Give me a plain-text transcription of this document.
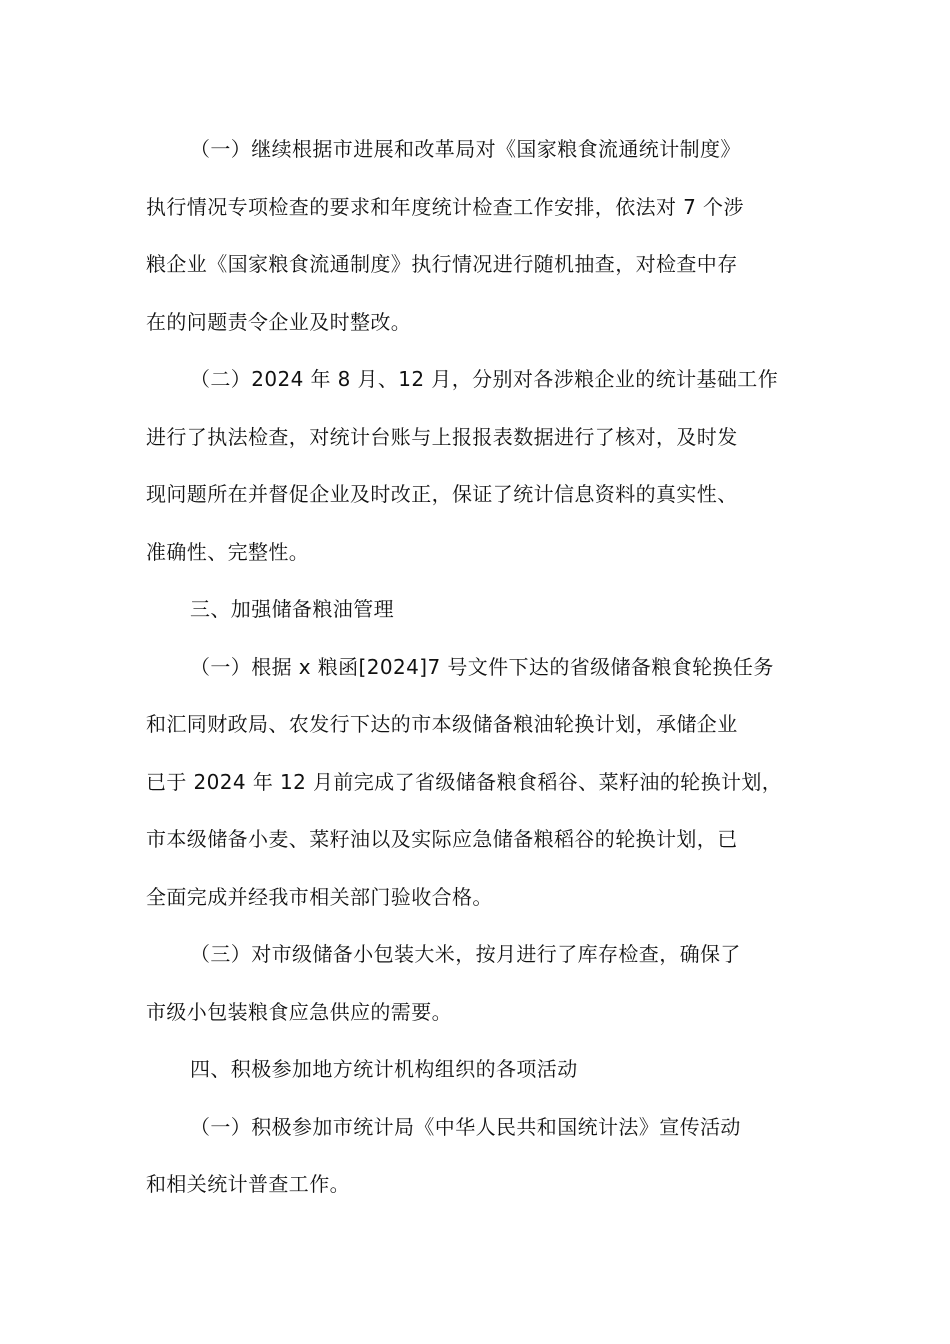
（一）继续根据市进展和改革局对《国家粮食流通统计制度》

执行情况专项检查的要求和年度统计检查工作安排，依法对 7 个涉

粮企业《国家粮食流通制度》执行情况进行随机抽查，对检查中存

在的问题责令企业及时整改。

（二）2024 年 8 月、12 月，分别对各涉粮企业的统计基础工作

进行了执法检查，对统计台账与上报报表数据进行了核对，及时发

现问题所在并督促企业及时改正，保证了统计信息资料的真实性、

准确性、完整性。

三、加强储备粮油管理

（一）根据 x 粮函[2024]7 号文件下达的省级储备粮食轮换任务

和汇同财政局、农发行下达的市本级储备粮油轮换计划，承储企业

已于 2024 年 12 月前完成了省级储备粮食稻谷、菜籽油的轮换计划，

市本级储备小麦、菜籽油以及实际应急储备粮稻谷的轮换计划，已

全面完成并经我市相关部门验收合格。

（三）对市级储备小包装大米，按月进行了库存检查，确保了

市级小包装粮食应急供应的需要。

四、积极参加地方统计机构组织的各项活动

（一）积极参加市统计局《中华人民共和国统计法》宣传活动

和相关统计普查工作。
